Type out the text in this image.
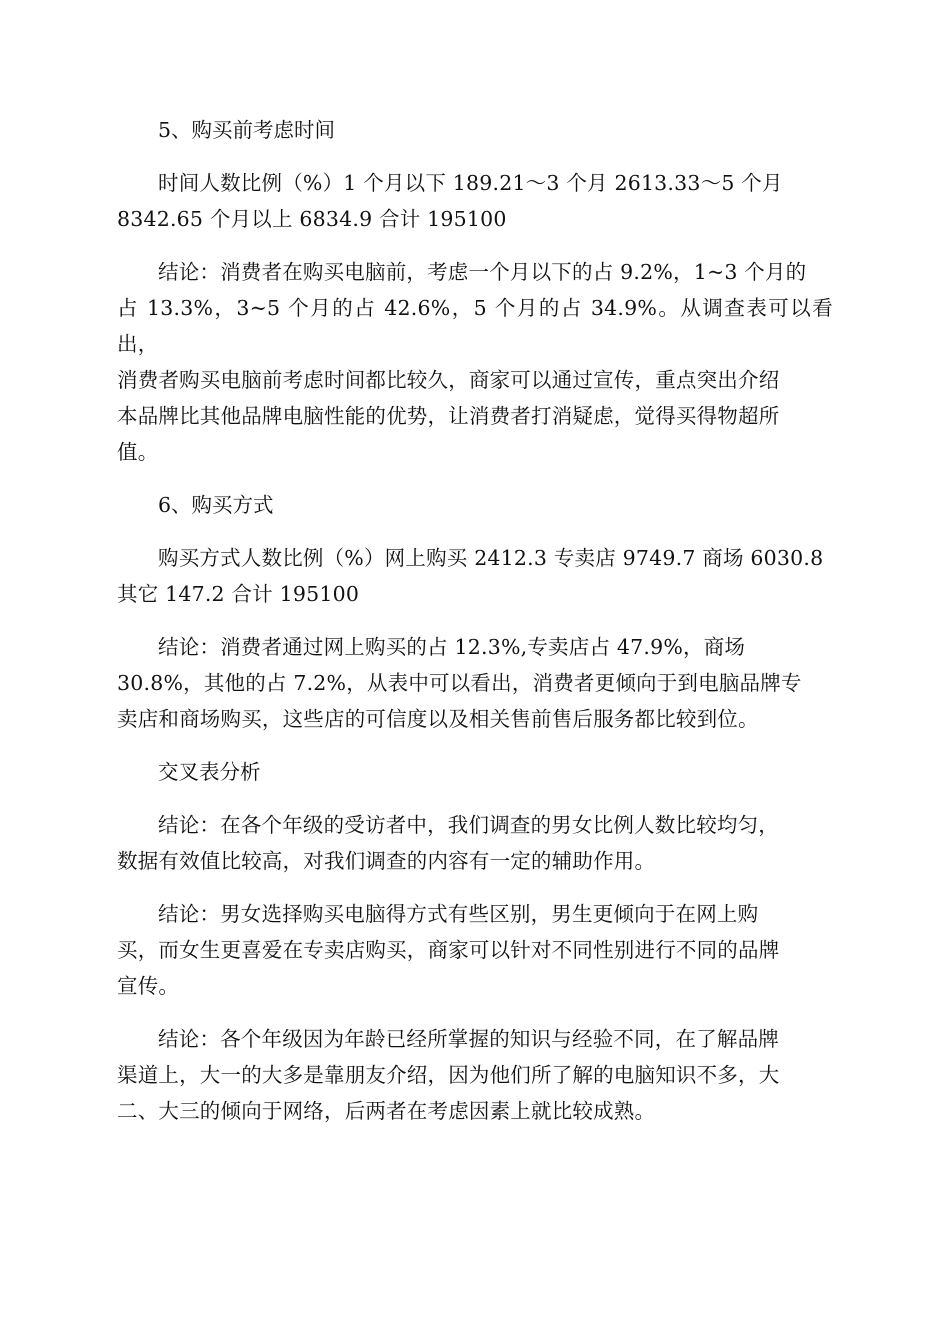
5、购买前考虑时间

时间人数比例（%）1 个月以下 189.21～3 个月 2613.33～5 个月
8342.65 个月以上 6834.9 合计 195100

结论：消费者在购买电脑前，考虑一个月以下的占 9.2%，1~3 个月的
占 13.3%，3~5 个月的占 42.6%，5 个月的占 34.9%。从调查表可以看出，
消费者购买电脑前考虑时间都比较久，商家可以通过宣传，重点突出介绍
本品牌比其他品牌电脑性能的优势，让消费者打消疑虑，觉得买得物超所
值。

6、购买方式

购买方式人数比例（%）网上购买 2412.3 专卖店 9749.7 商场 6030.8
其它 147.2 合计 195100

结论：消费者通过网上购买的占 12.3%,专卖店占 47.9%，商场
30.8%，其他的占 7.2%，从表中可以看出，消费者更倾向于到电脑品牌专
卖店和商场购买，这些店的可信度以及相关售前售后服务都比较到位。

交叉表分析

结论：在各个年级的受访者中，我们调查的男女比例人数比较均匀，
数据有效值比较高，对我们调查的内容有一定的辅助作用。

结论：男女选择购买电脑得方式有些区别，男生更倾向于在网上购
买，而女生更喜爱在专卖店购买，商家可以针对不同性别进行不同的品牌
宣传。

结论：各个年级因为年龄已经所掌握的知识与经验不同，在了解品牌
渠道上，大一的大多是靠朋友介绍，因为他们所了解的电脑知识不多，大
二、大三的倾向于网络，后两者在考虑因素上就比较成熟。
